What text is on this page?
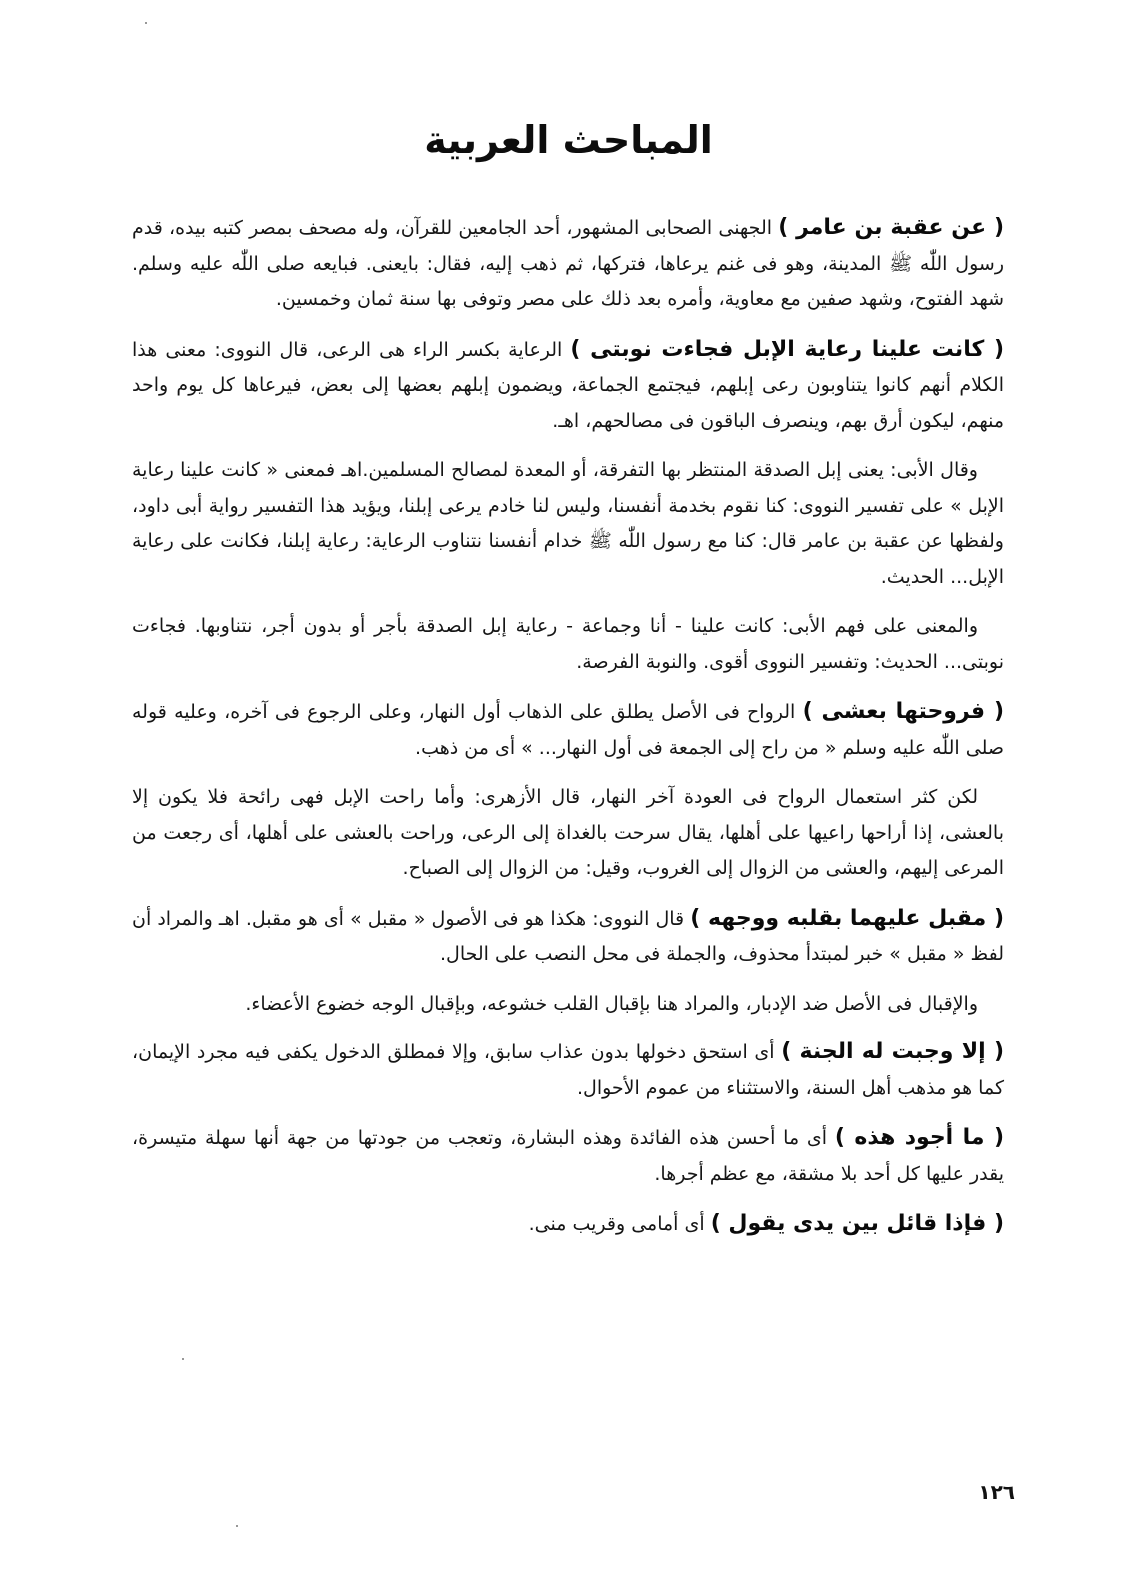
المباحث العربية

( عن عقبة بن عامر ) الجهنى الصحابى المشهور، أحد الجامعين للقرآن، وله مصحف بمصر كتبه بيده، قدم رسول اللّٰه ﷺ المدينة، وهو فى غنم يرعاها، فتركها، ثم ذهب إليه، فقال: بايعنى. فبايعه صلى اللّٰه عليه وسلم. شهد الفتوح، وشهد صفين مع معاوية، وأمره بعد ذلك على مصر وتوفى بها سنة ثمان وخمسين.

( كانت علينا رعاية الإبل فجاءت نوبتى ) الرعاية بكسر الراء هى الرعى، قال النووى: معنى هذا الكلام أنهم كانوا يتناوبون رعى إبلهم، فيجتمع الجماعة، ويضمون إبلهم بعضها إلى بعض، فيرعاها كل يوم واحد منهم، ليكون أرق بهم، وينصرف الباقون فى مصالحهم، اهـ.

وقال الأبى: يعنى إبل الصدقة المنتظر بها التفرقة، أو المعدة لمصالح المسلمين.اهـ فمعنى « كانت علينا رعاية الإبل » على تفسير النووى: كنا نقوم بخدمة أنفسنا، وليس لنا خادم يرعى إبلنا، ويؤيد هذا التفسير رواية أبى داود، ولفظها عن عقبة بن عامر قال: كنا مع رسول اللّٰه ﷺ خدام أنفسنا نتناوب الرعاية: رعاية إبلنا، فكانت على رعاية الإبل... الحديث.

والمعنى على فهم الأبى: كانت علينا - أنا وجماعة - رعاية إبل الصدقة بأجر أو بدون أجر، نتناوبها. فجاءت نوبتى... الحديث: وتفسير النووى أقوى. والنوبة الفرصة.

( فروحتها بعشى ) الرواح فى الأصل يطلق على الذهاب أول النهار، وعلى الرجوع فى آخره، وعليه قوله صلى اللّٰه عليه وسلم « من راح إلى الجمعة فى أول النهار... » أى من ذهب.

لكن كثر استعمال الرواح فى العودة آخر النهار، قال الأزهرى: وأما راحت الإبل فهى رائحة فلا يكون إلا بالعشى، إذا أراحها راعيها على أهلها، يقال سرحت بالغداة إلى الرعى، وراحت بالعشى على أهلها، أى رجعت من المرعى إليهم، والعشى من الزوال إلى الغروب، وقيل: من الزوال إلى الصباح.

( مقبل عليهما بقلبه ووجهه ) قال النووى: هكذا هو فى الأصول « مقبل » أى هو مقبل. اهـ والمراد أن لفظ « مقبل » خبر لمبتدأ محذوف، والجملة فى محل النصب على الحال.

والإقبال فى الأصل ضد الإدبار، والمراد هنا بإقبال القلب خشوعه، وبإقبال الوجه خضوع الأعضاء.

( إلا وجبت له الجنة ) أى استحق دخولها بدون عذاب سابق، وإلا فمطلق الدخول يكفى فيه مجرد الإيمان، كما هو مذهب أهل السنة، والاستثناء من عموم الأحوال.

( ما أجود هذه ) أى ما أحسن هذه الفائدة وهذه البشارة، وتعجب من جودتها من جهة أنها سهلة متيسرة، يقدر عليها كل أحد بلا مشقة، مع عظم أجرها.

( فإذا قائل بين يدى يقول ) أى أمامى وقريب منى.

١٢٦
